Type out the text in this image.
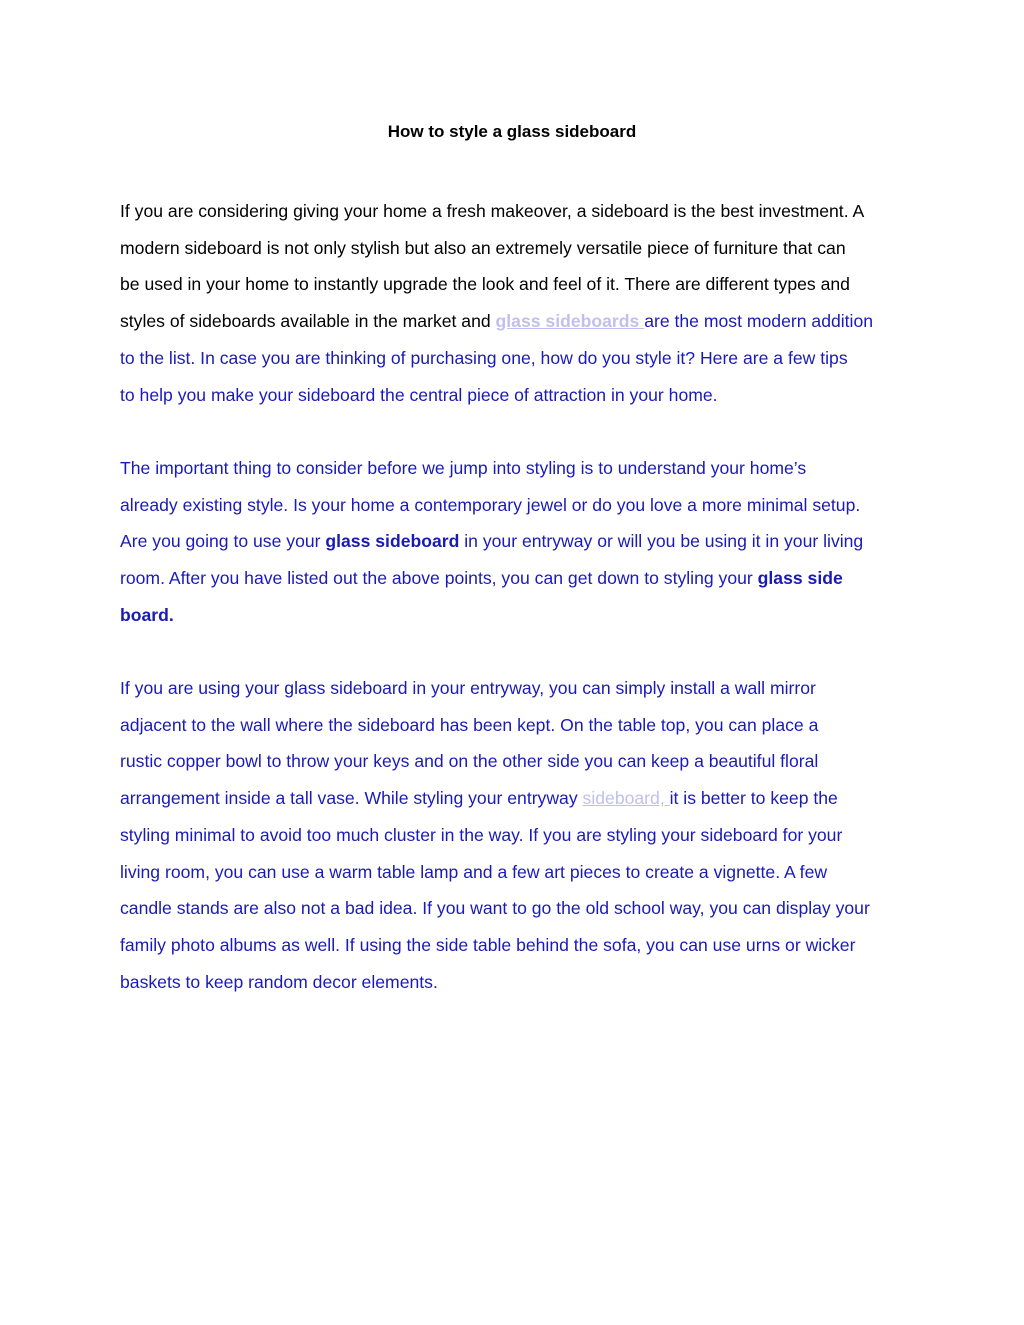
How to style a glass sideboard

If you are considering giving your home a fresh makeover, a sideboard is the best investment. A
modern sideboard is not only stylish but also an extremely versatile piece of furniture that can
be used in your home to instantly upgrade the look and feel of it. There are different types and
styles of sideboards available in the market and glass sideboards are the most modern addition
to the list. In case you are thinking of purchasing one, how do you style it? Here are a few tips
to help you make your sideboard the central piece of attraction in your home.

The important thing to consider before we jump into styling is to understand your home’s
already existing style. Is your home a contemporary jewel or do you love a more minimal setup.
Are you going to use your glass sideboard in your entryway or will you be using it in your living
room. After you have listed out the above points, you can get down to styling your glass side
board.

If you are using your glass sideboard in your entryway, you can simply install a wall mirror
adjacent to the wall where the sideboard has been kept. On the table top, you can place a
rustic copper bowl to throw your keys and on the other side you can keep a beautiful floral
arrangement inside a tall vase. While styling your entryway sideboard, it is better to keep the
styling minimal to avoid too much cluster in the way. If you are styling your sideboard for your
living room, you can use a warm table lamp and a few art pieces to create a vignette. A few
candle stands are also not a bad idea. If you want to go the old school way, you can display your
family photo albums as well. If using the side table behind the sofa, you can use urns or wicker
baskets to keep random decor elements.
